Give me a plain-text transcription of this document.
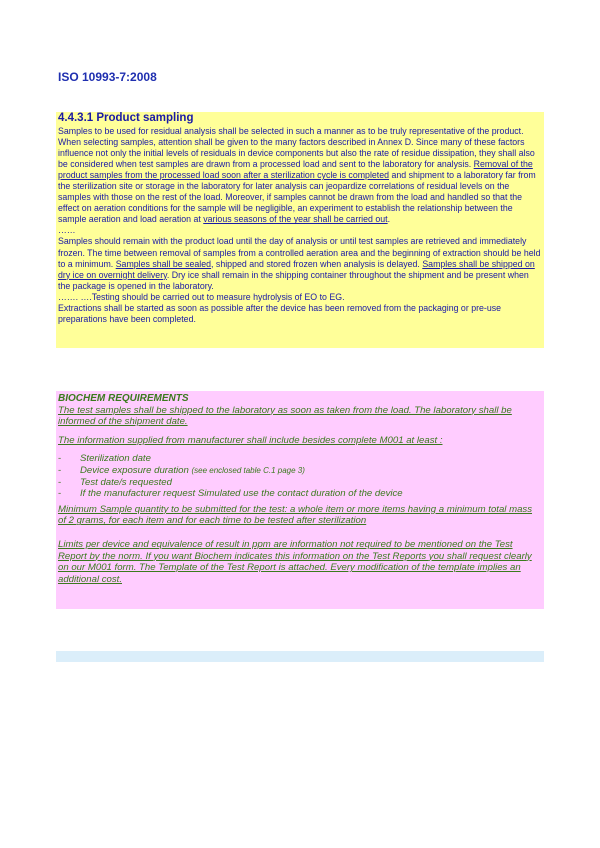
ISO 10993-7:2008
4.4.3.1 Product sampling

Samples to be used for residual analysis shall be selected in such a manner as to be truly representative of the product. When selecting samples, attention shall be given to the many factors described in Annex D. Since many of these factors influence not only the initial levels of residuals in device components but also the rate of residue dissipation, they shall also be considered when test samples are drawn from a processed load and sent to the laboratory for analysis. Removal of the product samples from the processed load soon after a sterilization cycle is completed and shipment to a laboratory far from the sterilization site or storage in the laboratory for later analysis can jeopardize correlations of residual levels on the samples with those on the rest of the load. Moreover, if samples cannot be drawn from the load and handled so that the effect on aeration conditions for the sample will be negligible, an experiment to establish the relationship between the sample aeration and load aeration at various seasons of the year shall be carried out.

……

Samples should remain with the product load until the day of analysis or until test samples are retrieved and immediately frozen. The time between removal of samples from a controlled aeration area and the beginning of extraction should be held to a minimum. Samples shall be sealed, shipped and stored frozen when analysis is delayed. Samples shall be shipped on dry ice on overnight delivery. Dry ice shall remain in the shipping container throughout the shipment and be present when the package is opened in the laboratory.

……. ….Testing should be carried out to measure hydrolysis of EO to EG.

Extractions shall be started as soon as possible after the device has been removed from the packaging or pre-use preparations have been completed.

BIOCHEM REQUIREMENTS

The test samples shall be shipped to the laboratory as soon as taken from the load. The laboratory shall be informed of the shipment date.

The information supplied from manufacturer shall include besides complete M001 at least :

- Sterilization date
- Device exposure duration (see enclosed table C.1 page 3)
- Test date/s requested
- If the manufacturer request Simulated use the contact duration of the device

Minimum Sample quantity to be submitted for the test: a whole item or more items having a minimum total mass of 2 grams, for each item and for each time to be tested after sterilization

Limits per device and equivalence of result in ppm are information not required to be mentioned on the Test Report by the norm. If you want Biochem indicates this information on the Test Reports you shall request clearly on our M001 form. The Template of the Test Report is attached. Every modification of the template implies an additional cost.
